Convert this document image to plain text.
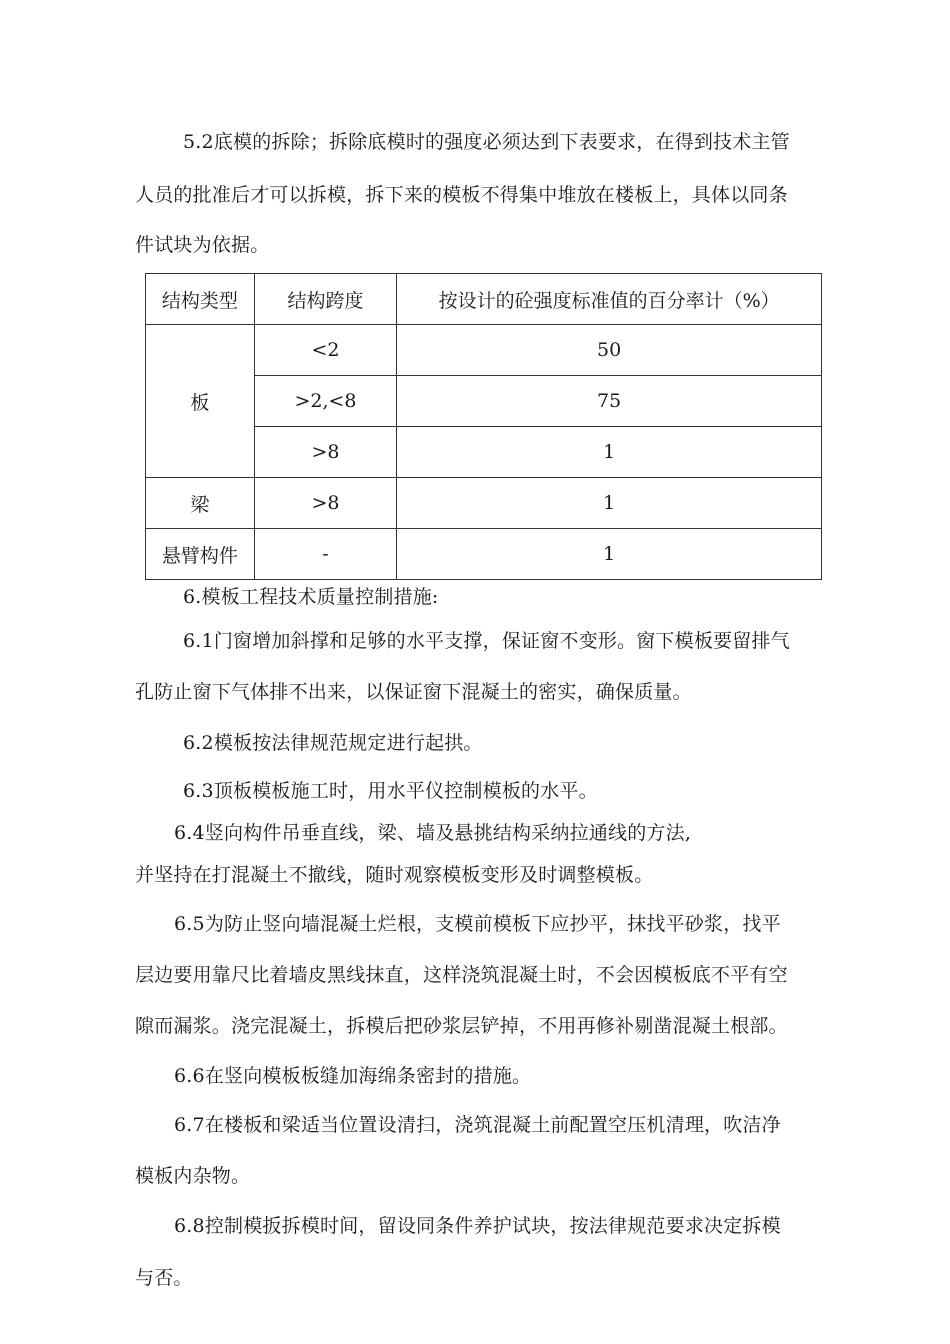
5.2底模的拆除；拆除底模时的强度必须达到下表要求，在得到技术主管
人员的批准后才可以拆模，拆下来的模板不得集中堆放在楼板上，具体以同条
件试块为依据。
结构类型	结构跨度	按设计的砼强度标准值的百分率计（%）
板	<2	50
	>2,<8	75
	>8	1
梁	>8	1
悬臂构件	-	1
6.模板工程技术质量控制措施:
6.1门窗增加斜撑和足够的水平支撑，保证窗不变形。窗下模板要留排气
孔防止窗下气体排不出来，以保证窗下混凝土的密实，确保质量。
6.2模板按法律规范规定进行起拱。
6.3顶板模板施工时，用水平仪控制模板的水平。
6.4竖向构件吊垂直线，梁、墙及悬挑结构采纳拉通线的方法,
并坚持在打混凝土不撤线，随时观察模板变形及时调整模板。
6.5为防止竖向墙混凝土烂根，支模前模板下应抄平，抹找平砂浆，找平
层边要用靠尺比着墙皮黑线抹直，这样浇筑混凝土时，不会因模板底不平有空
隙而漏浆。浇完混凝土，拆模后把砂浆层铲掉，不用再修补剔凿混凝土根部。
6.6在竖向模板板缝加海绵条密封的措施。
6.7在楼板和梁适当位置设清扫，浇筑混凝土前配置空压机清理，吹洁净
模板内杂物。
6.8控制模扳拆模时间，留设同条件养护试块，按法律规范要求决定拆模
与否。
